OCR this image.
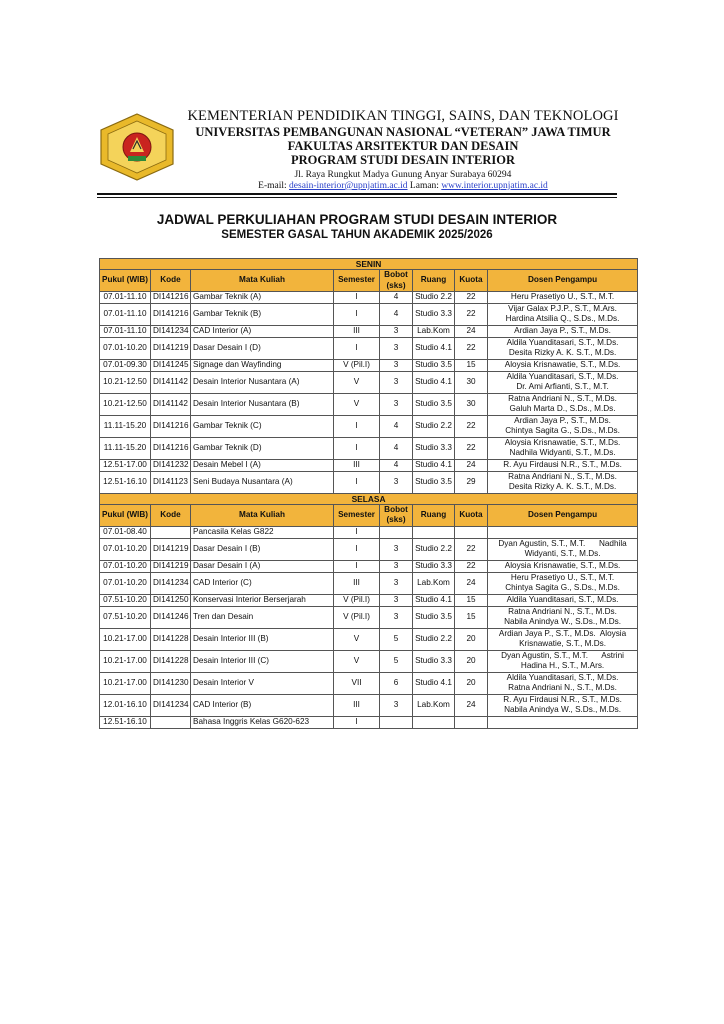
KEMENTERIAN PENDIDIKAN TINGGI, SAINS, DAN TEKNOLOGI
UNIVERSITAS PEMBANGUNAN NASIONAL “VETERAN” JAWA TIMUR
FAKULTAS ARSITEKTUR DAN DESAIN
PROGRAM STUDI DESAIN INTERIOR
Jl. Raya Rungkut Madya Gunung Anyar Surabaya 60294
E-mail: desain-interior@upnjatim.ac.id Laman: www.interior.upnjatim.ac.id
JADWAL PERKULIAHAN PROGRAM STUDI DESAIN INTERIOR
SEMESTER GASAL TAHUN AKADEMIK 2025/2026
SENIN							
Pukul (WIB)	Kode	Mata Kuliah	Semester	Bobot (sks)	Ruang	Kuota	Dosen Pengampu
07.01-11.10	DI141216	Gambar Teknik (A)	I	4	Studio 2.2	22	Heru Prasetiyo U., S.T., M.T.

07.01-11.10	DI141216	Gambar Teknik (B)	I	4	Studio 3.3	22	Vijar Galax P.J.P., S.T., M.Ars.
Hardina Atsilia Q., S.Ds., M.Ds.

07.01-11.10	DI141234	CAD Interior (A)	III	3	Lab.Kom	24	Ardian Jaya P., S.T., M.Ds.

07.01-10.20	DI141219	Dasar Desain I (D)	I	3	Studio 4.1	22	Aldila Yuanditasari, S.T., M.Ds.
Desita Rizky A. K. S.T., M.Ds.

07.01-09.30	DI141245	Signage dan Wayfinding	V (Pil.I)	3	Studio 3.5	15	Aloysia Krisnawatie, S.T., M.Ds.

10.21-12.50	DI141142	Desain Interior Nusantara (A)	V	3	Studio 4.1	30	Aldila Yuanditasari, S.T., M.Ds.
Dr. Ami Arfianti, S.T., M.T.

10.21-12.50	DI141142	Desain Interior Nusantara (B)	V	3	Studio 3.5	30	Ratna Andriani N., S.T., M.Ds.
Galuh Marta D., S.Ds., M.Ds.

11.11-15.20	DI141216	Gambar Teknik (C)	I	4	Studio 2.2	22	Ardian Jaya P., S.T., M.Ds.
Chintya Sagita G., S.Ds., M.Ds.

11.11-15.20	DI141216	Gambar Teknik (D)	I	4	Studio 3.3	22	Aloysia Krisnawatie, S.T., M.Ds.
Nadhila Widyanti, S.T., M.Ds.

12.51-17.00	DI141232	Desain Mebel I (A)	III	4	Studio 4.1	24	R. Ayu Firdausi N.R., S.T., M.Ds.

12.51-16.10	DI141123	Seni Budaya Nusantara (A)	I	3	Studio 3.5	29	Ratna Andriani N., S.T., M.Ds.
Desita Rizky A. K. S.T., M.Ds.

SELASA							
Pukul (WIB)	Kode	Mata Kuliah	Semester	Bobot (sks)	Ruang	Kuota	Dosen Pengampu
07.01-08.40		Pancasila Kelas G822	I				

07.01-10.20	DI141219	Dasar Desain I (B)	I	3	Studio 2.2	22	Dyan Agustin, S.T., M.T.      Nadhila
Widyanti, S.T., M.Ds.

07.01-10.20	DI141219	Dasar Desain I (A)	I	3	Studio 3.3	22	Aloysia Krisnawatie, S.T., M.Ds.

07.01-10.20	DI141234	CAD Interior (C)	III	3	Lab.Kom	24	Heru Prasetiyo U., S.T., M.T.
Chintya Sagita G., S.Ds., M.Ds.

07.51-10.20	DI141250	Konservasi Interior Berserjarah	V (Pil.I)	3	Studio 4.1	15	Aldila Yuanditasari, S.T., M.Ds.

07.51-10.20	DI141246	Tren dan Desain	V (Pil.I)	3	Studio 3.5	15	Ratna Andriani N., S.T., M.Ds.
Nabila Anindya W., S.Ds., M.Ds.

10.21-17.00	DI141228	Desain Interior III (B)	V	5	Studio 2.2	20	Ardian Jaya P., S.T., M.Ds.  Aloysia
Krisnawatie, S.T., M.Ds.

10.21-17.00	DI141228	Desain Interior III (C)	V	5	Studio 3.3	20	Dyan Agustin, S.T., M.T.      Astrini
Hadina H., S.T., M.Ars.

10.21-17.00	DI141230	Desain Interior V	VII	6	Studio 4.1	20	Aldila Yuanditasari, S.T., M.Ds.
Ratna Andriani N., S.T., M.Ds.

12.01-16.10	DI141234	CAD Interior (B)	III	3	Lab.Kom	24	R. Ayu Firdausi N.R., S.T., M.Ds.
Nabila Anindya W., S.Ds., M.Ds.

12.51-16.10		Bahasa Inggris Kelas G620-623	I				
